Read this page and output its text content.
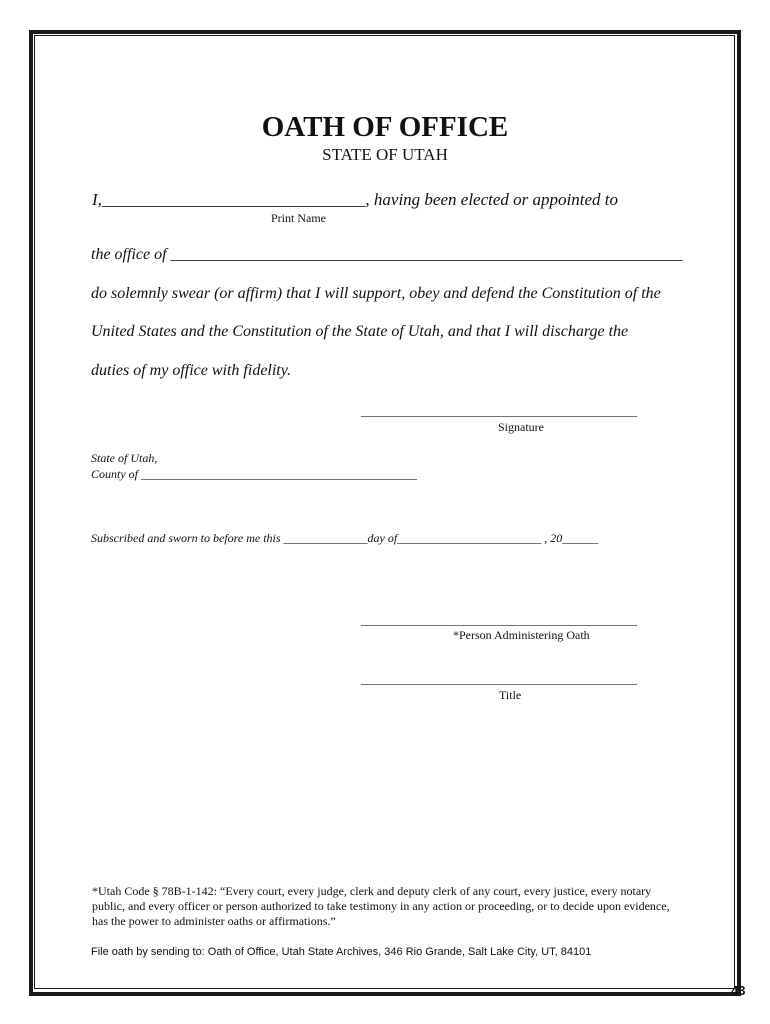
OATH OF OFFICE
STATE OF UTAH
I,_______________________________, having been elected or appointed to
Print Name
the office of ________________________________________________________________
do solemnly swear (or affirm) that I will support, obey and defend the Constitution of the
United States and the Constitution of the State of Utah, and that I will discharge the
duties of my office with fidelity.
______________________________________________
Signature
State of Utah,
County of ______________________________________________
Subscribed and sworn to before me this ______________day of________________________ , 20______
______________________________________________
*Person Administering Oath
______________________________________________
Title
*Utah Code § 78B-1-142: “Every court, every judge, clerk and deputy clerk of any court, every justice, every notary public, and every officer or person authorized to take testimony in any action or proceeding, or to decide upon evidence, has the power to administer oaths or affirmations.”
File oath by sending to: Oath of Office, Utah State Archives, 346 Rio Grande, Salt Lake City, UT, 84101
43
